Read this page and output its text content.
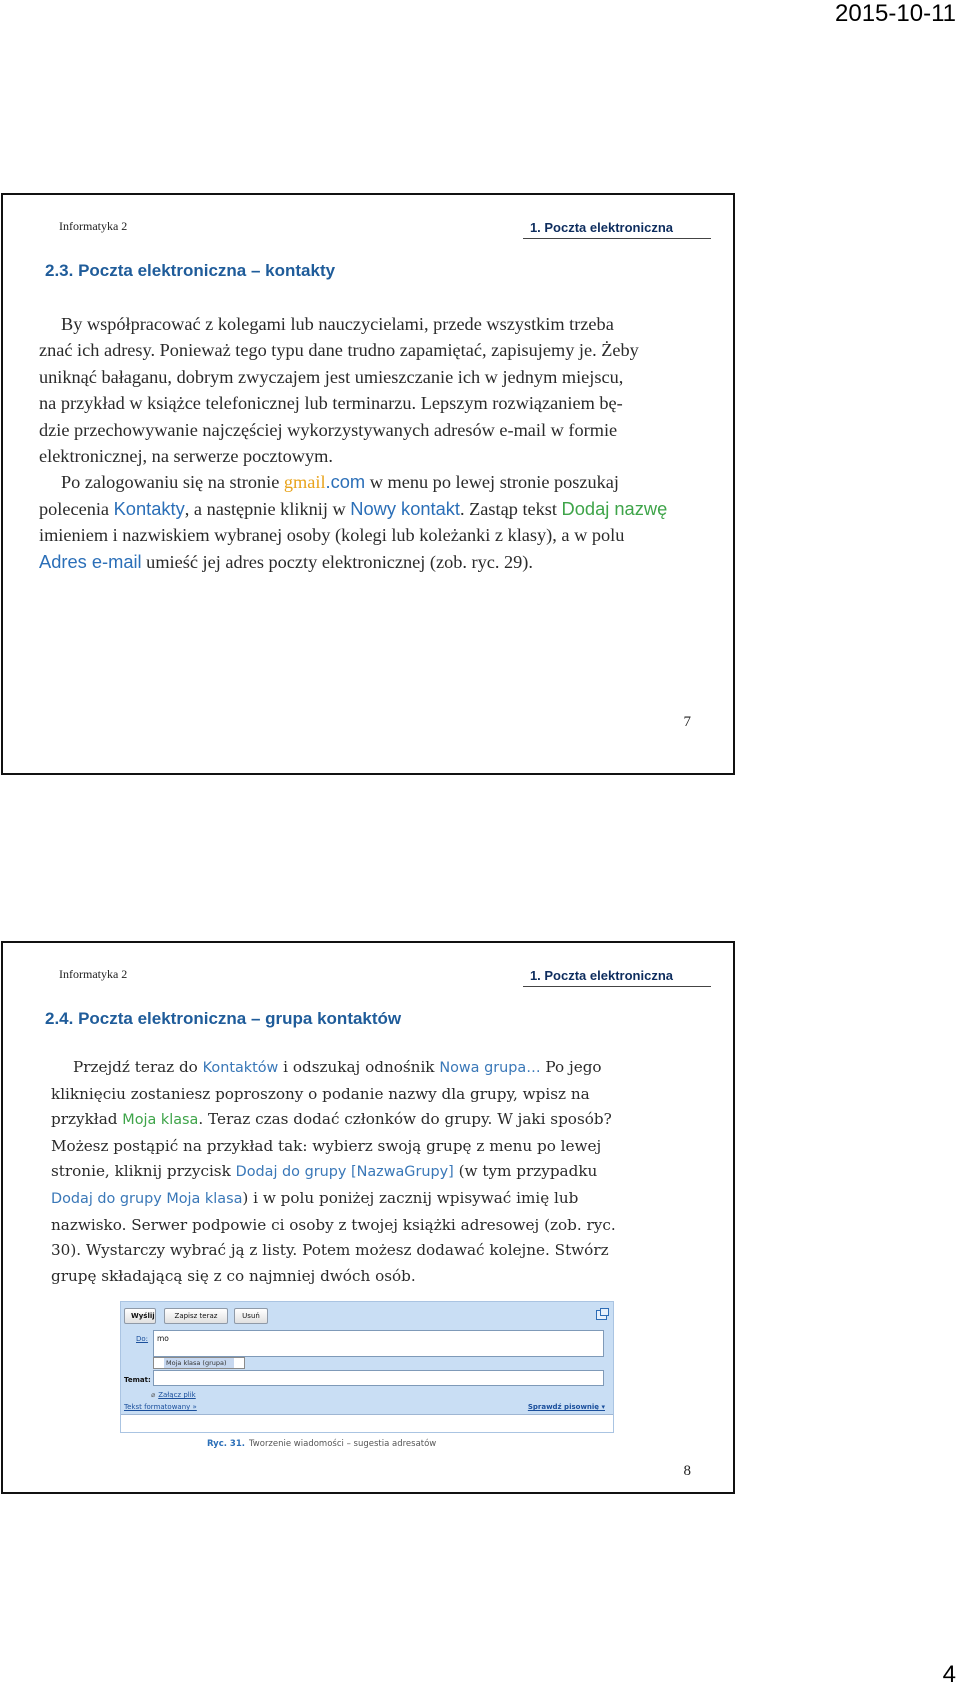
2015-10-11
Informatyka 2	1. Poczta elektroniczna
2.3. Poczta elektroniczna – kontakty
By współpracować z kolegami lub nauczycielami, przede wszystkim trzeba
znać ich adresy. Ponieważ tego typu dane trudno zapamiętać, zapisujemy je. Żeby
uniknąć bałaganu, dobrym zwyczajem jest umieszczanie ich w jednym miejscu,
na przykład w książce telefonicznej lub terminarzu. Lepszym rozwiązaniem bę-
dzie przechowywanie najczęściej wykorzystywanych adresów e-mail w formie
elektronicznej, na serwerze pocztowym.
Po zalogowaniu się na stronie gmail.com w menu po lewej stronie poszukaj
polecenia Kontakty, a następnie kliknij w Nowy kontakt. Zastąp tekst Dodaj nazwę
imieniem i nazwiskiem wybranej osoby (kolegi lub koleżanki z klasy), a w polu
Adres e-mail umieść jej adres poczty elektronicznej (zob. ryc. 29).
7
Informatyka 2	1. Poczta elektroniczna
2.4. Poczta elektroniczna – grupa kontaktów
Przejdź teraz do Kontaktów i odszukaj odnośnik Nowa grupa… Po jego
kliknięciu zostaniesz poproszony o podanie nazwy dla grupy, wpisz na
przykład Moja klasa. Teraz czas dodać członków do grupy. W jaki sposób?
Możesz postąpić na przykład tak: wybierz swoją grupę z menu po lewej
stronie, kliknij przycisk Dodaj do grupy [NazwaGrupy] (w tym przypadku
Dodaj do grupy Moja klasa) i w polu poniżej zacznij wpisywać imię lub
nazwisko. Serwer podpowie ci osoby z twojej książki adresowej (zob. ryc.
30). Wystarczy wybrać ją z listy. Potem możesz dodawać kolejne. Stwórz
grupę składającą się z co najmniej dwóch osób.
Wyślij	Zapisz teraz	Usuń
Do:	mo
Moja klasa (grupa)
Temat:
⌀ Załącz plik
Tekst formatowany »	Sprawdź pisownię ▾
Ryc. 31. Tworzenie wiadomości – sugestia adresatów
8
4
